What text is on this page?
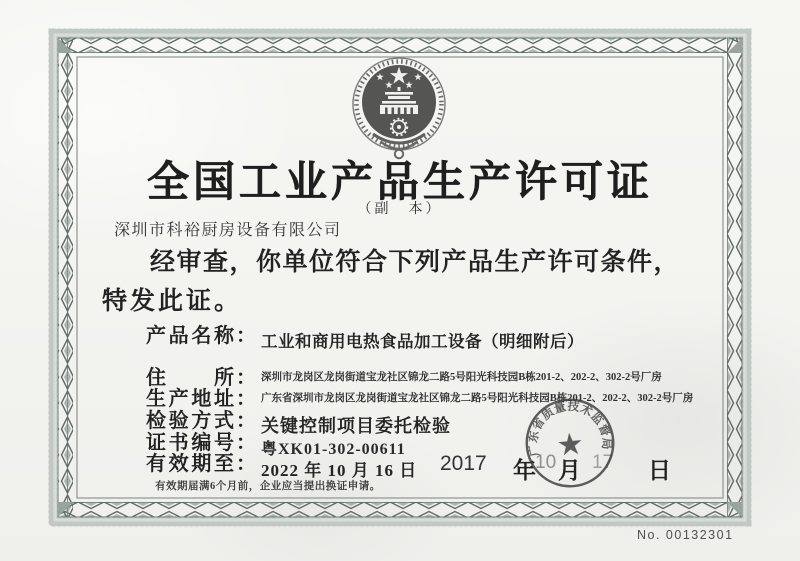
全国工业产品生产许可证
（副　本）
深圳市科裕厨房设备有限公司
经审查，你单位符合下列产品生产许可条件，
特发此证。
产品名称 ： 工业和商用电热食品加工设备（明细附后）
住所 ： 深圳市龙岗区龙岗街道宝龙社区锦龙二路5号阳光科技园B栋201-2、202-2、302-2号厂房
生产地址 ： 广东省深圳市龙岗区龙岗街道宝龙社区锦龙二路5号阳光科技园B栋201-2、202-2、302-2号厂房
检验方式 ： 关键控制项目委托检验
证书编号 ： 粤XK01-302-00611
有效期至 ： 2022 年 10 月 16 日 2017 年 10 月 17 日
广东省质量技术监督局
有效期届满6个月前，企业应当提出换证申请。
No. 00132301
